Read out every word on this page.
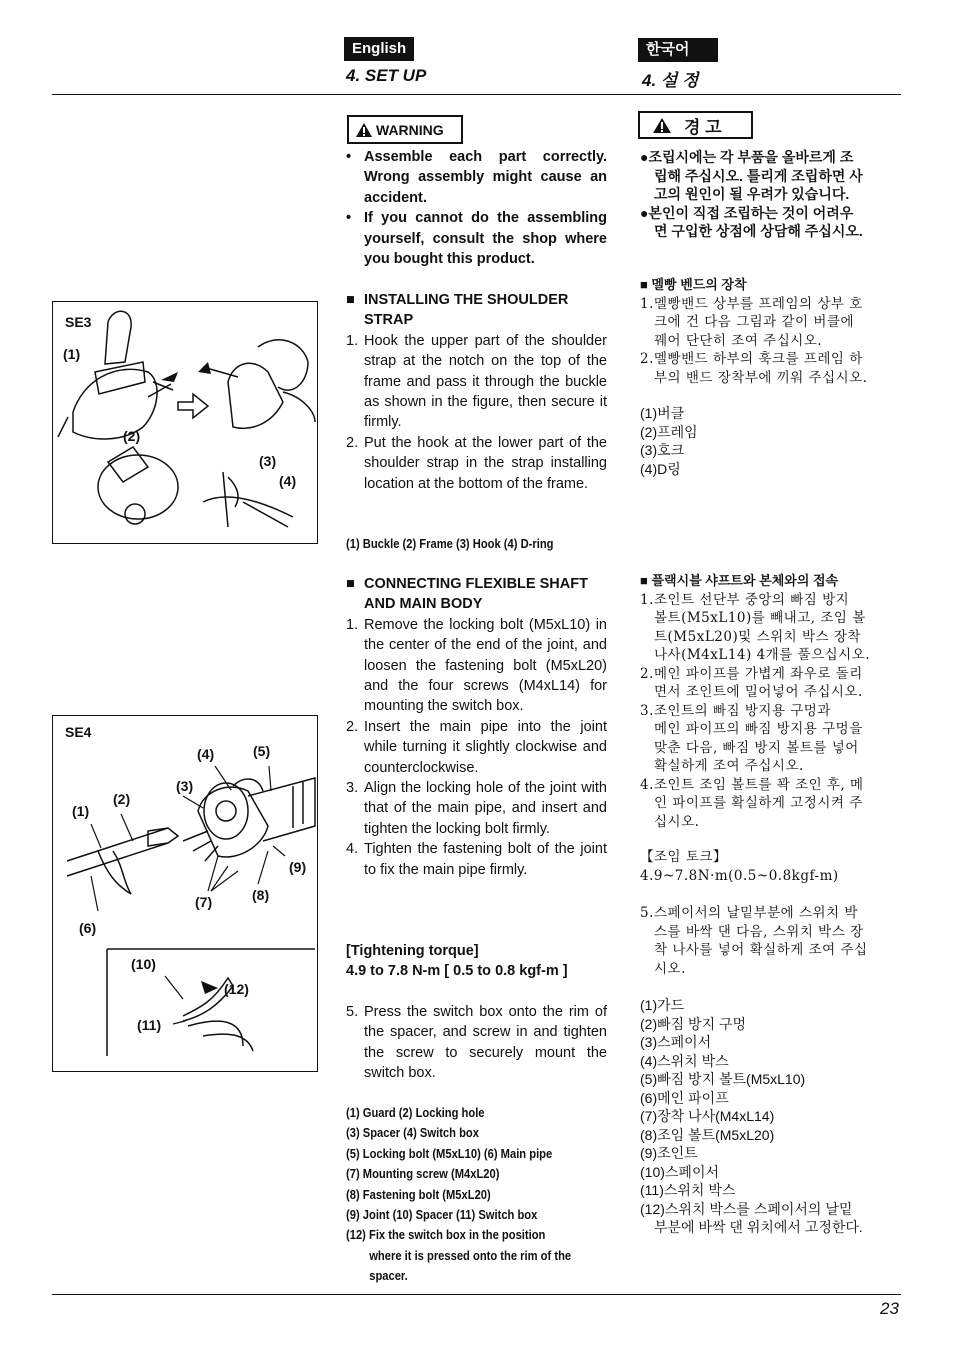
English	한국어
4. SET UP	4. 설 정
SE3
(1)
(2)
(3)
(4)
SE4
(4)	(5)
(3)
(2)
(1)
(9)
(7)	(8)
(6)
(10)
(12)
(11)
WARNING
• Assemble each part correctly. Wrong assembly might cause an accident.
• If you cannot do the assembling yourself, consult the shop where you bought this product.
■ INSTALLING THE SHOULDER STRAP
1. Hook the upper part of the shoulder strap at the notch on the top of the frame and pass it through the buckle as shown in the figure, then secure it firmly.
2. Put the hook at the lower part of the shoulder strap in the strap installing location at the bottom of the frame.
(1) Buckle (2) Frame (3) Hook (4) D-ring
■ CONNECTING FLEXIBLE SHAFT AND MAIN BODY
1. Remove the locking bolt (M5xL10) in the center of the end of the joint, and loosen the fastening bolt (M5xL20) and the four screws (M4xL14) for mounting the switch box.
2. Insert the main pipe into the joint while turning it slightly clockwise and counterclockwise.
3. Align the locking hole of the joint with that of the main pipe, and insert and tighten the locking bolt firmly.
4. Tighten the fastening bolt of the joint to fix the main pipe firmly.
[Tightening torque]
4.9 to 7.8 N-m [ 0.5 to 0.8 kgf-m ]
5. Press the switch box onto the rim of the spacer, and screw in and tighten the screw to securely mount the switch box.
(1) Guard (2) Locking hole
(3) Spacer (4) Switch box
(5) Locking bolt (M5xL10) (6) Main pipe
(7) Mounting screw (M4xL20)
(8) Fastening bolt (M5xL20)
(9) Joint (10) Spacer (11) Switch box
(12) Fix the switch box in the position
where it is pressed onto the rim of the
spacer.
경 고
●조립시에는 각 부품을 올바르게 조
립해 주십시오. 틀리게 조립하면 사
고의 원인이 될 우려가 있습니다.
●본인이 직접 조립하는 것이 어려우
면 구입한 상점에 상담해 주십시오.
■ 멜빵 벤드의 장착
1. 멜빵밴드 상부를 프레임의 상부 호
크에 건 다음 그림과 같이 버클에
꿰어 단단히 조여 주십시오.
2. 멜빵밴드 하부의 훅크를 프레임 하
부의 밴드 장착부에 끼워 주십시오.
(1)버클
(2)프레임
(3)호크
(4)D링
■ 플랙시블 샤프트와 본체와의 접속
1. 조인트 선단부 중앙의 빠짐 방지
볼트(M5xL10)를 빼내고, 조임 볼
트(M5xL20)및 스위치 박스 장착
나사(M4xL14) 4개를 풀으십시오.
2. 메인 파이프를 가볍게 좌우로 돌리
면서 조인트에 밀어넣어 주십시오.
3. 조인트의 빠짐 방지용 구멍과
메인 파이프의 빠짐 방지용 구멍을
맞춘 다음, 빠짐 방지 볼트를 넣어
확실하게 조여 주십시오.
4. 조인트 조임 볼트를 꽉 조인 후, 메
인 파이프를 확실하게 고정시켜 주
십시오.
【조임 토크】
4.9~7.8N·m(0.5~0.8kgf-m)
5. 스페이서의 날밑부분에 스위치 박
스를 바싹 댄 다음, 스위치 박스 장
착 나사를 넣어 확실하게 조여 주십
시오.
(1)가드
(2)빠짐 방지 구멍
(3)스페이서
(4)스위치 박스
(5)빠짐 방지 볼트(M5xL10)
(6)메인 파이프
(7)장착 나사(M4xL14)
(8)조임 볼트(M5xL20)
(9)조인트
(10)스페이서
(11)스위치 박스
(12)스위치 박스를 스페이서의 날밑
부분에 바싹 댄 위치에서 고정한다.
23
